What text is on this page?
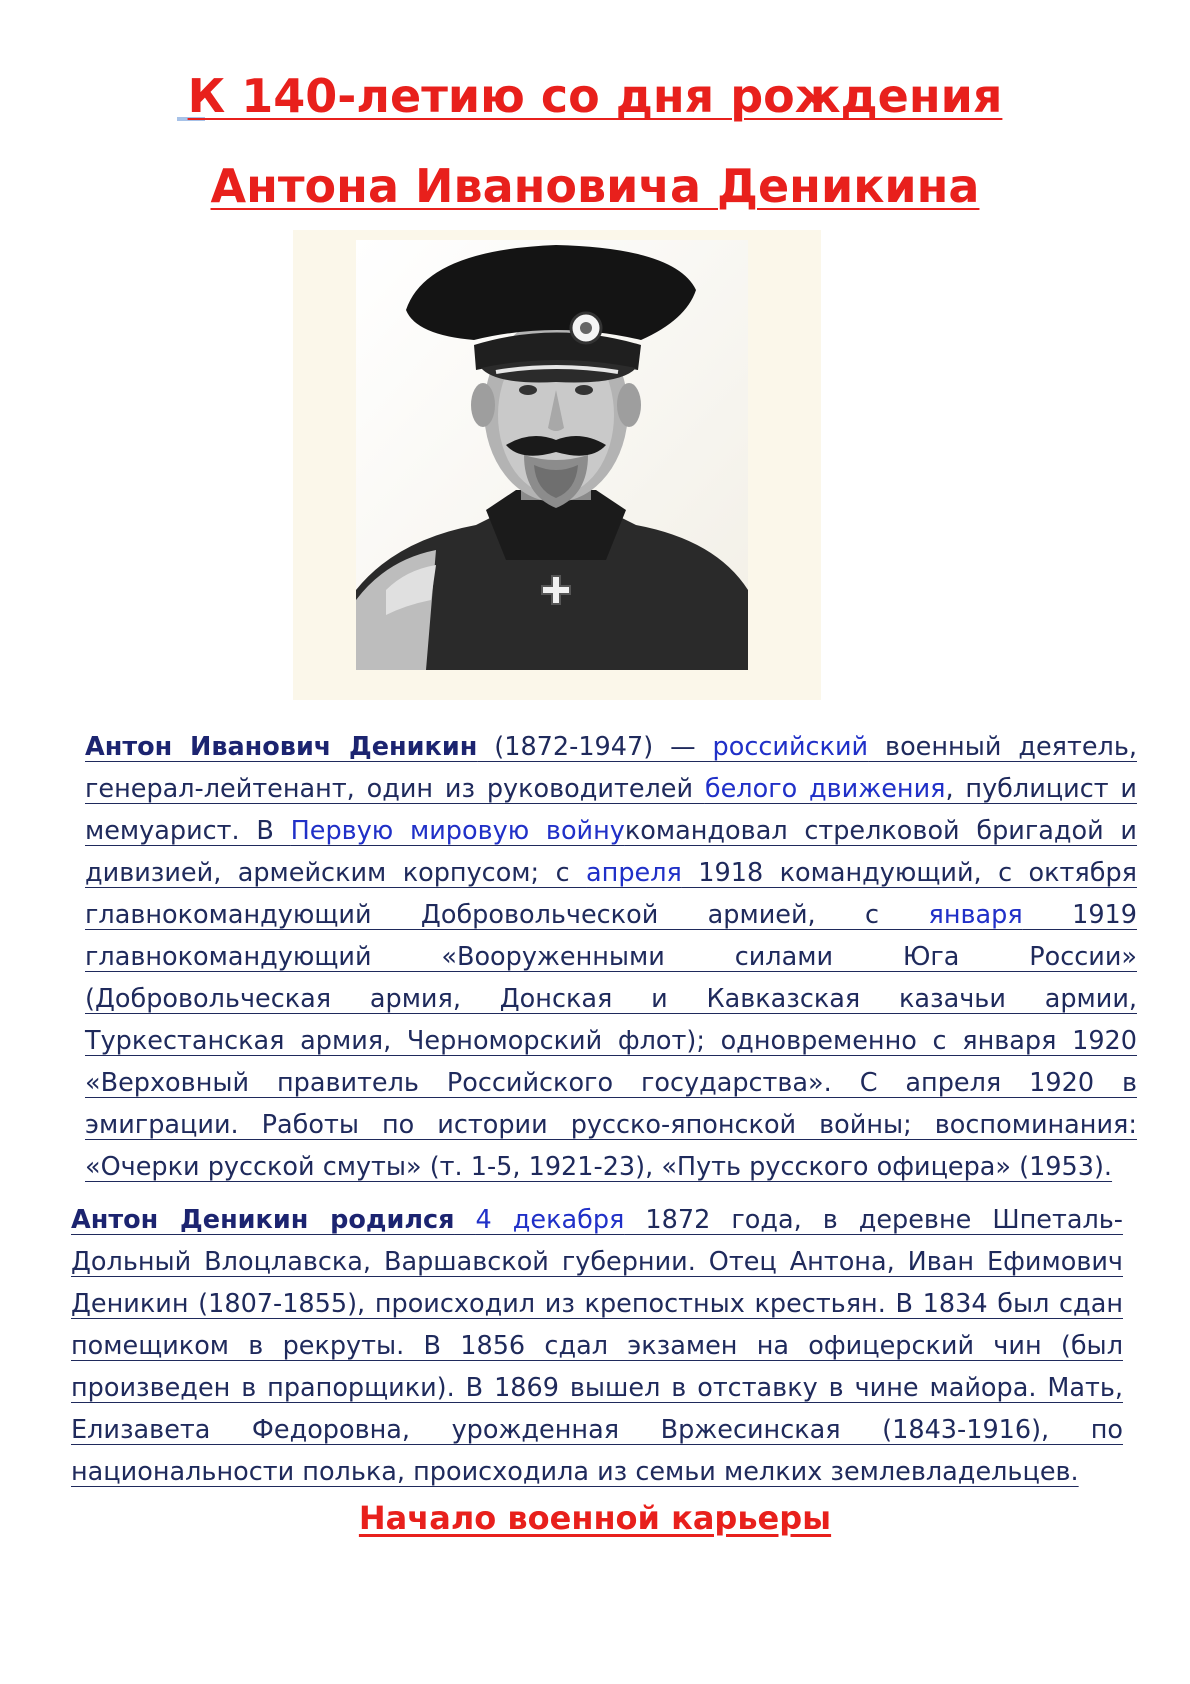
К 140-летию со дня рождения
Антона Ивановича Деникина

Антон Иванович Деникин (1872-1947) — российский военный деятель, генерал-лейтенант, один из руководителей белого движения, публицист и мемуарист. В Первую мировую войнукомандовал стрелковой бригадой и дивизией, армейским корпусом; с апреля 1918 командующий, с октября главнокомандующий Добровольческой армией, с января 1919 главнокомандующий «Вооруженными силами Юга России» (Добровольческая армия, Донская и Кавказская казачьи армии, Туркестанская армия, Черноморский флот); одновременно с января 1920 «Верховный правитель Российского государства». С апреля 1920 в эмиграции. Работы по истории русско-японской войны; воспоминания: «Очерки русской смуты» (т. 1-5, 1921-23), «Путь русского офицера» (1953).

Антон Деникин родился 4 декабря 1872 года, в деревне Шпеталь-Дольный Влоцлавска, Варшавской губернии. Отец Антона, Иван Ефимович Деникин (1807-1855), происходил из крепостных крестьян. В 1834 был сдан помещиком в рекруты. В 1856 сдал экзамен на офицерский чин (был произведен в прапорщики). В 1869 вышел в отставку в чине майора. Мать, Елизавета Федоровна, урожденная Вржесинская (1843-1916), по национальности полька, происходила из семьи мелких землевладельцев.

Начало военной карьеры
